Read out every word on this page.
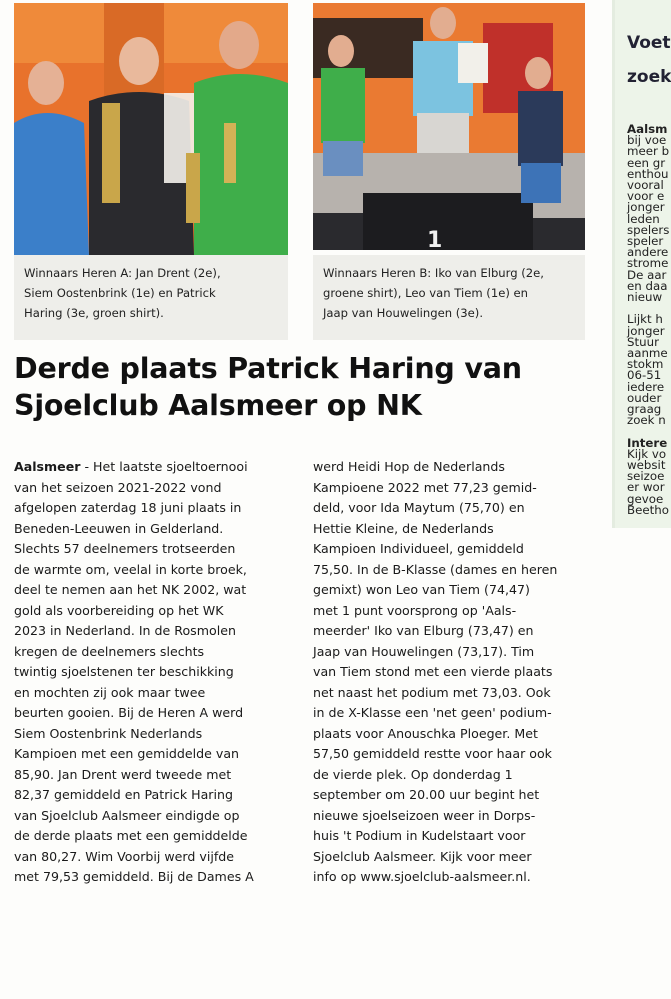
1
Winnaars Heren A: Jan Drent (2e),
Siem Oostenbrink (1e) en Patrick
Haring (3e, groen shirt).
Winnaars Heren B: Iko van Elburg (2e,
groene shirt), Leo van Tiem (1e) en
Jaap van Houwelingen (3e).
Derde plaats Patrick Haring van
Sjoelclub Aalsmeer op NK
Aalsmeer - Het laatste sjoeltoernooi
van het seizoen 2021-2022 vond
afgelopen zaterdag 18 juni plaats in
Beneden-Leeuwen in Gelderland.
Slechts 57 deelnemers trotseerden
de warmte om, veelal in korte broek,
deel te nemen aan het NK 2002, wat
gold als voorbereiding op het WK
2023 in Nederland. In de Rosmolen
kregen de deelnemers slechts
twintig sjoelstenen ter beschikking
en mochten zij ook maar twee
beurten gooien. Bij de Heren A werd
Siem Oostenbrink Nederlands
Kampioen met een gemiddelde van
85,90. Jan Drent werd tweede met
82,37 gemiddeld en Patrick Haring
van Sjoelclub Aalsmeer eindigde op
de derde plaats met een gemiddelde
van 80,27. Wim Voorbij werd vijfde
met 79,53 gemiddeld. Bij de Dames A
werd Heidi Hop de Nederlands
Kampioene 2022 met 77,23 gemid-
deld, voor Ida Maytum (75,70) en
Hettie Kleine, de Nederlands
Kampioen Individueel, gemiddeld
75,50. In de B-Klasse (dames en heren
gemixt) won Leo van Tiem (74,47)
met 1 punt voorsprong op 'Aals-
meerder' Iko van Elburg (73,47) en
Jaap van Houwelingen (73,17). Tim
van Tiem stond met een vierde plaats
net naast het podium met 73,03. Ook
in de X-Klasse een 'net geen' podium-
plaats voor Anouschka Ploeger. Met
57,50 gemiddeld restte voor haar ook
de vierde plek. Op donderdag 1
september om 20.00 uur begint het
nieuwe sjoelseizoen weer in Dorps-
huis 't Podium in Kudelstaart voor
Sjoelclub Aalsmeer. Kijk voor meer
info op www.sjoelclub-aalsmeer.nl.
Voet
zoek
Aalsm
bij voe
meer b
een gr
enthou
vooral
voor e
jonger
leden
spelers
speler
andere
strome
De aar
en daa
nieuw
Lijkt h
jonger
Stuur
aanme
stokm
06-51
iedere
ouder
graag
zoek n
Intere
Kijk vo
websit
seizoe
er wor
gevoe
Beetho
